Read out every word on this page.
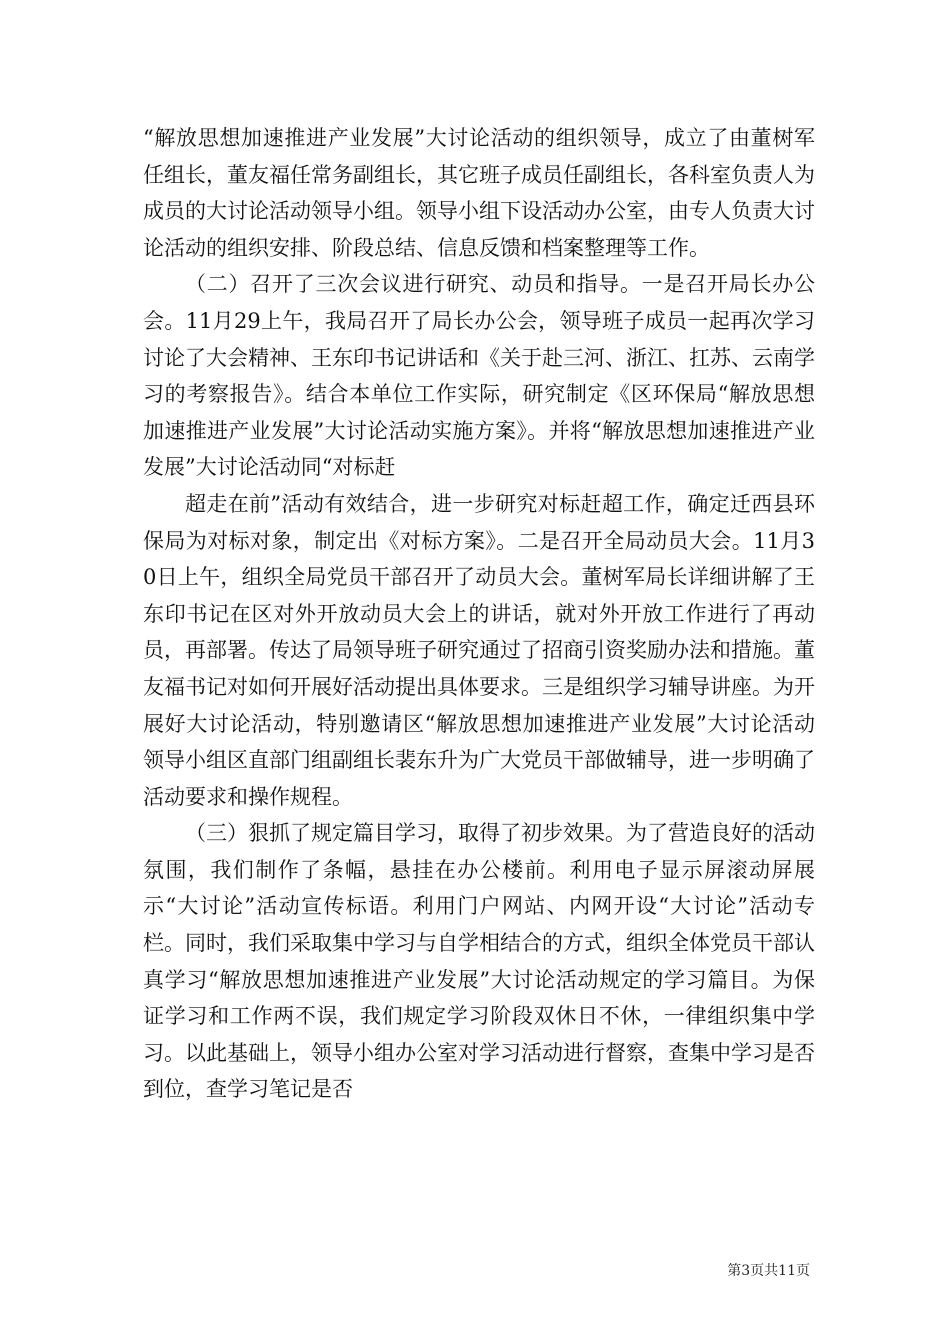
“解放思想加速推进产业发展”大讨论活动的组织领导，成立了由董树军任组长，董友福任常务副组长，其它班子成员任副组长，各科室负责人为成员的大讨论活动领导小组。领导小组下设活动办公室，由专人负责大讨论活动的组织安排、阶段总结、信息反馈和档案整理等工作。

（二）召开了三次会议进行研究、动员和指导。一是召开局长办公会。11月29上午，我局召开了局长办公会，领导班子成员一起再次学习讨论了大会精神、王东印书记讲话和《关于赴三河、浙江、扛苏、云南学习的考察报告》。结合本单位工作实际，研究制定《区环保局“解放思想加速推进产业发展”大讨论活动实施方案》。并将“解放思想加速推进产业发展”大讨论活动同“对标赶

超走在前”活动有效结合，进一步研究对标赶超工作，确定迁西县环保局为对标对象，制定出《对标方案》。二是召开全局动员大会。11月30日上午，组织全局党员干部召开了动员大会。董树军局长详细讲解了王东印书记在区对外开放动员大会上的讲话，就对外开放工作进行了再动员，再部署。传达了局领导班子研究通过了招商引资奖励办法和措施。董友福书记对如何开展好活动提出具体要求。三是组织学习辅导讲座。为开展好大讨论活动，特别邀请区“解放思想加速推进产业发展”大讨论活动领导小组区直部门组副组长裴东升为广大党员干部做辅导，进一步明确了活动要求和操作规程。

（三）狠抓了规定篇目学习，取得了初步效果。为了营造良好的活动氛围，我们制作了条幅，悬挂在办公楼前。利用电子显示屏滚动屏展示“大讨论”活动宣传标语。利用门户网站、内网开设“大讨论”活动专栏。同时，我们采取集中学习与自学相结合的方式，组织全体党员干部认真学习“解放思想加速推进产业发展”大讨论活动规定的学习篇目。为保证学习和工作两不误，我们规定学习阶段双休日不休，一律组织集中学习。以此基础上，领导小组办公室对学习活动进行督察，查集中学习是否到位，查学习笔记是否

第3页共11页
